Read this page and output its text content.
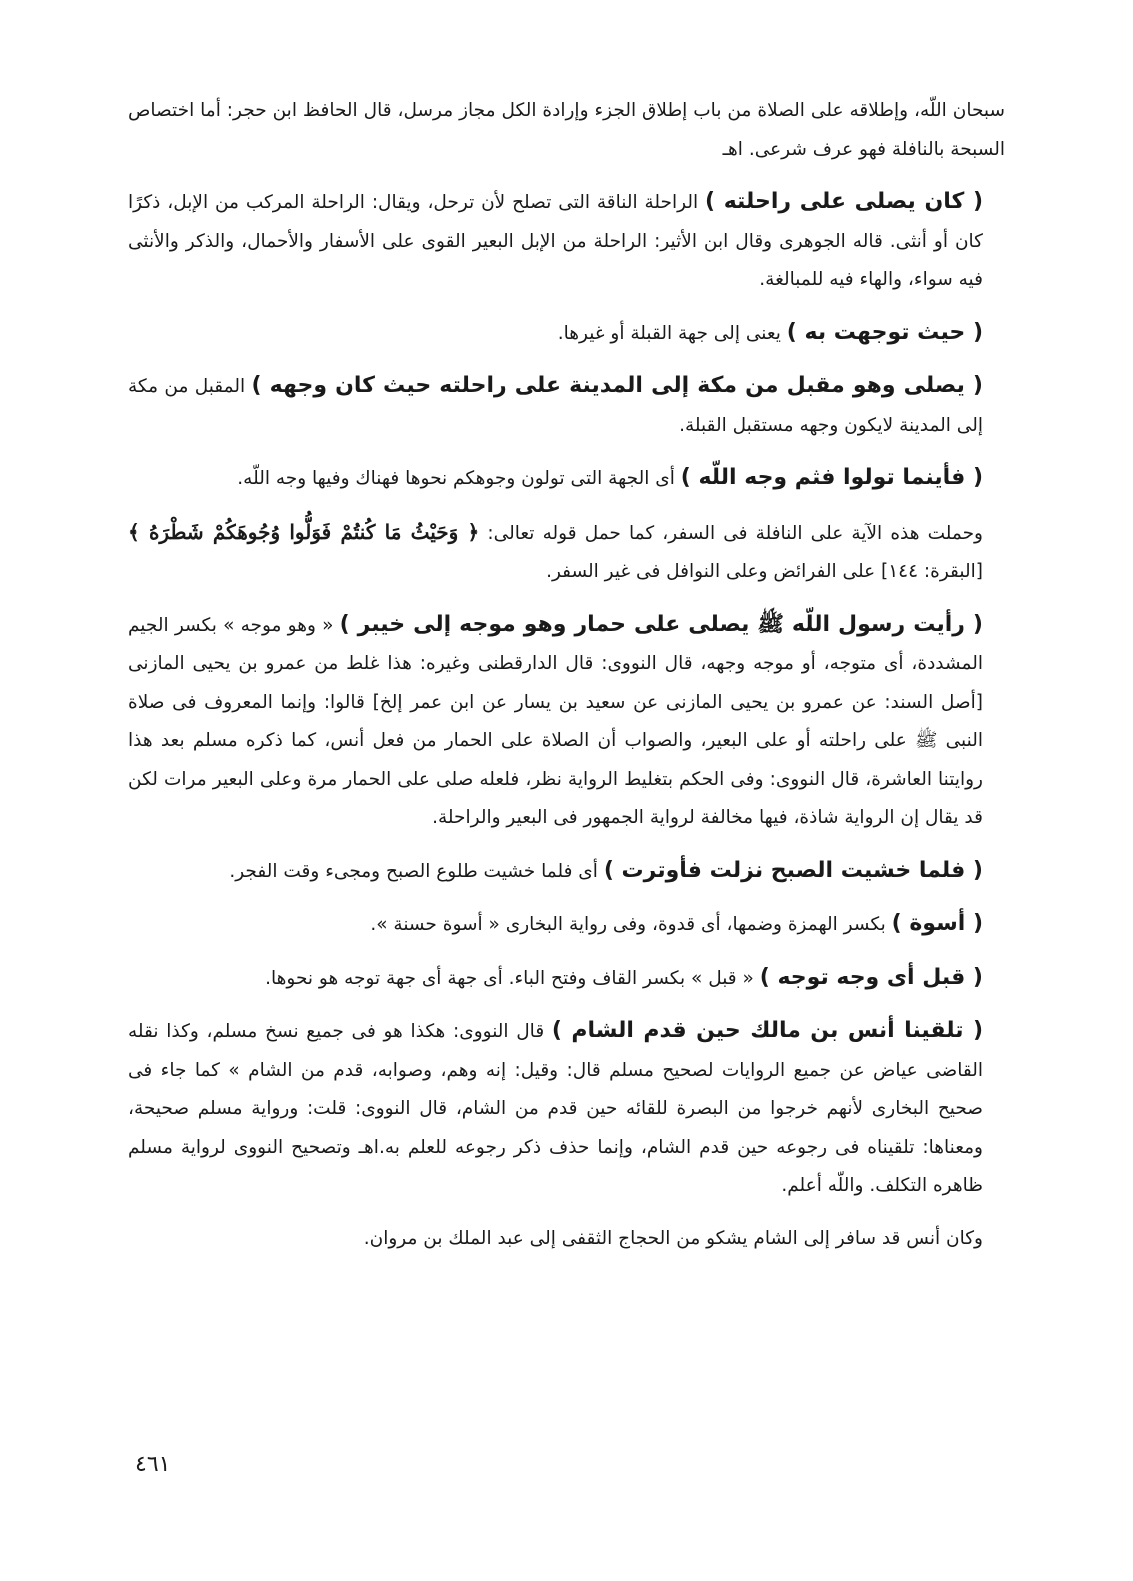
سبحان اللّه، وإطلاقه على الصلاة من باب إطلاق الجزء وإرادة الكل مجاز مرسل، قال الحافظ ابن حجر: أما اختصاص السبحة بالنافلة فهو عرف شرعى. اهـ

( كان يصلى على راحلته ) الراحلة الناقة التى تصلح لأن ترحل، ويقال: الراحلة المركب من الإبل، ذكرًا كان أو أنثى. قاله الجوهرى وقال ابن الأثير: الراحلة من الإبل البعير القوى على الأسفار والأحمال، والذكر والأنثى فيه سواء، والهاء فيه للمبالغة.

( حيث توجهت به ) يعنى إلى جهة القبلة أو غيرها.

( يصلى وهو مقبل من مكة إلى المدينة على راحلته حيث كان وجهه ) المقبل من مكة إلى المدينة لايكون وجهه مستقبل القبلة.

( فأينما تولوا فثم وجه اللّه ) أى الجهة التى تولون وجوهكم نحوها فهناك وفيها وجه اللّه.

وحملت هذه الآية على النافلة فى السفر، كما حمل قوله تعالى: ﴿ وَحَيْثُ مَا كُنتُمْ فَوَلُّوا وُجُوهَكُمْ شَطْرَهُ ﴾ [البقرة: ١٤٤] على الفرائض وعلى النوافل فى غير السفر.

( رأيت رسول اللّه ﷺ يصلى على حمار وهو موجه إلى خيبر ) « وهو موجه » بكسر الجيم المشددة، أى متوجه، أو موجه وجهه، قال النووى: قال الدارقطنى وغيره: هذا غلط من عمرو بن يحيى المازنى [أصل السند: عن عمرو بن يحيى المازنى عن سعيد بن يسار عن ابن عمر إلخ] قالوا: وإنما المعروف فى صلاة النبى ﷺ على راحلته أو على البعير، والصواب أن الصلاة على الحمار من فعل أنس، كما ذكره مسلم بعد هذا روايتنا العاشرة، قال النووى: وفى الحكم بتغليط الرواية نظر، فلعله صلى على الحمار مرة وعلى البعير مرات لكن قد يقال إن الرواية شاذة، فيها مخالفة لرواية الجمهور فى البعير والراحلة.

( فلما خشيت الصبح نزلت فأوترت ) أى فلما خشيت طلوع الصبح ومجىء وقت الفجر.

( أسوة ) بكسر الهمزة وضمها، أى قدوة، وفى رواية البخارى « أسوة حسنة ».

( قبل أى وجه توجه ) « قبل » بكسر القاف وفتح الباء. أى جهة أى جهة توجه هو نحوها.

( تلقينا أنس بن مالك حين قدم الشام ) قال النووى: هكذا هو فى جميع نسخ مسلم، وكذا نقله القاضى عياض عن جميع الروايات لصحيح مسلم قال: وقيل: إنه وهم، وصوابه، قدم من الشام » كما جاء فى صحيح البخارى لأنهم خرجوا من البصرة للقائه حين قدم من الشام، قال النووى: قلت: ورواية مسلم صحيحة، ومعناها: تلقيناه فى رجوعه حين قدم الشام، وإنما حذف ذكر رجوعه للعلم به.اهـ وتصحيح النووى لرواية مسلم ظاهره التكلف. واللّه أعلم.

وكان أنس قد سافر إلى الشام يشكو من الحجاج الثقفى إلى عبد الملك بن مروان.

٤٦١
